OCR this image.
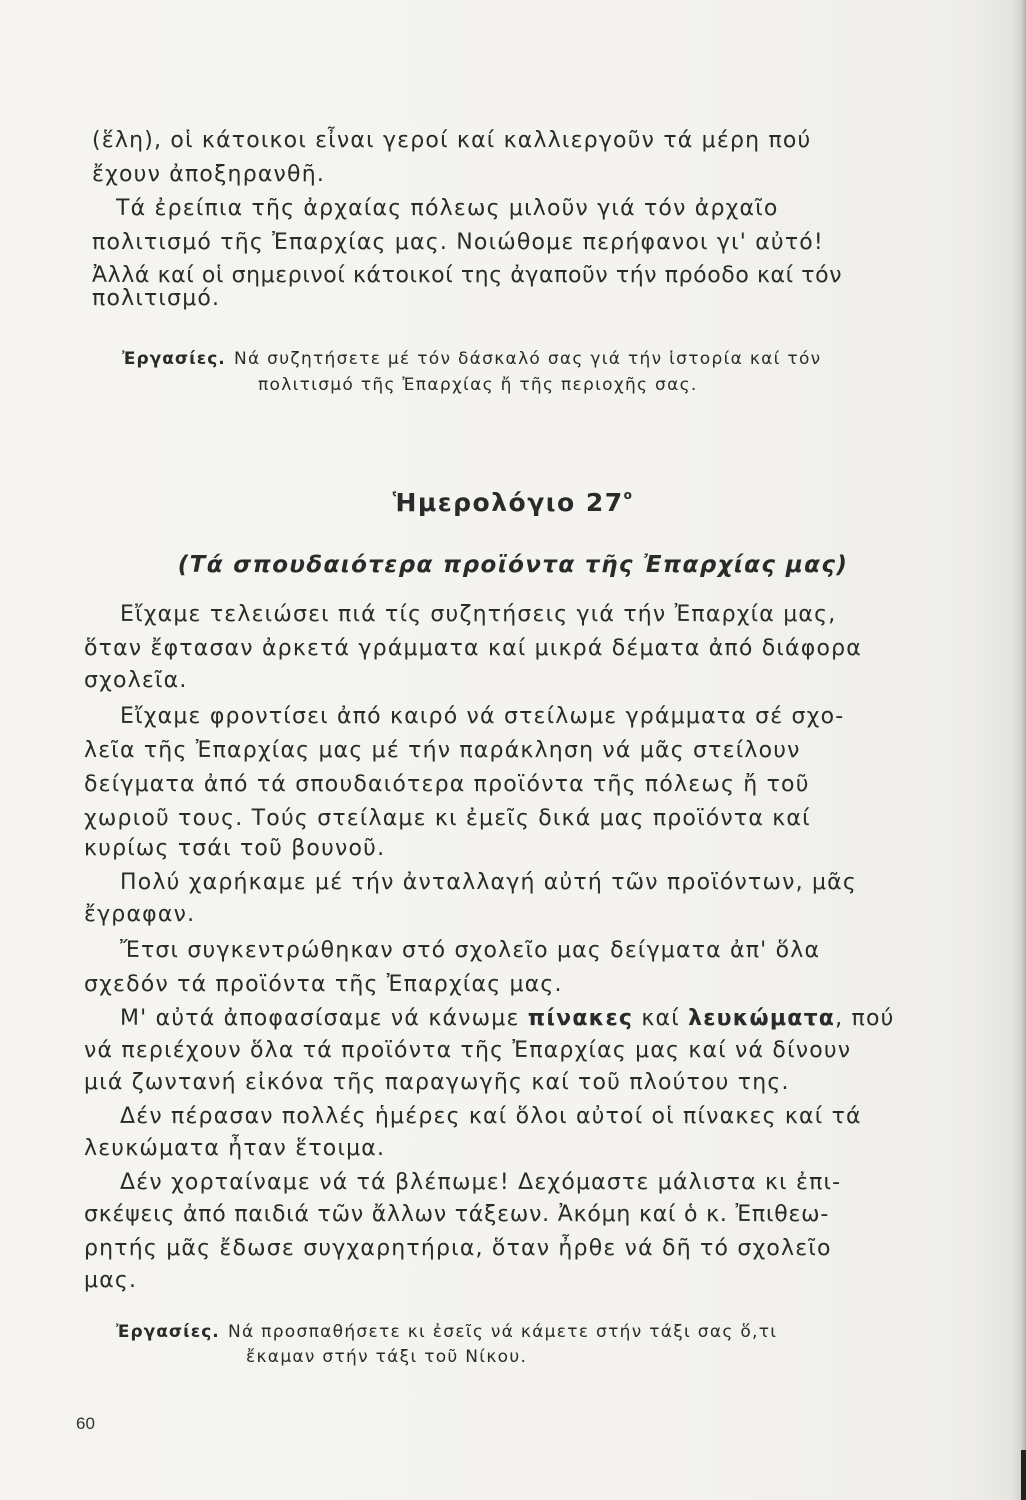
(ἕλη), οἱ κάτοικοι εἶναι γεροί καί καλλιεργοῦν τά μέρη πού
ἔχουν ἀποξηρανθῆ.
Τά ἐρείπια τῆς ἀρχαίας πόλεως μιλοῦν γιά τόν ἀρχαῖο
πολιτισμό τῆς Ἐπαρχίας μας. Νοιώθομε περήφανοι γι' αὐτό!
Ἀλλά καί οἱ σημερινοί κάτοικοί της ἀγαποῦν τήν πρόοδο καί τόν
πολιτισμό.
Ἐργασίες. Νά συζητήσετε μέ τόν δάσκαλό σας γιά τήν ἱστορία καί τόν
πολιτισμό τῆς Ἐπαρχίας ἤ τῆς περιοχῆς σας.
Ἡμερολόγιο $27^o$
(Τά σπουδαιότερα προϊόντα τῆς Ἐπαρχίας μας)
Εἴχαμε τελειώσει πιά τίς συζητήσεις γιά τήν Ἐπαρχία μας,
ὅταν ἔφτασαν ἀρκετά γράμματα καί μικρά δέματα ἀπό διάφορα
σχολεῖα.
Εἴχαμε φροντίσει ἀπό καιρό νά στείλωμε γράμματα σέ σχο-
λεῖα τῆς Ἐπαρχίας μας μέ τήν παράκληση νά μᾶς στείλουν
δείγματα ἀπό τά σπουδαιότερα προϊόντα τῆς πόλεως ἤ τοῦ
χωριοῦ τους. Τούς στείλαμε κι ἐμεῖς δικά μας προϊόντα καί
κυρίως τσάι τοῦ βουνοῦ.
Πολύ χαρήκαμε μέ τήν ἀνταλλαγή αὐτή τῶν προϊόντων, μᾶς
ἔγραφαν.
Ἔτσι συγκεντρώθηκαν στό σχολεῖο μας δείγματα ἀπ' ὅλα
σχεδόν τά προϊόντα τῆς Ἐπαρχίας μας.
Μ' αὐτά ἀποφασίσαμε νά κάνωμε πίνακες καί λευκώματα, πού
νά περιέχουν ὅλα τά προϊόντα τῆς Ἐπαρχίας μας καί νά δίνουν
μιά ζωντανή εἰκόνα τῆς παραγωγῆς καί τοῦ πλούτου της.
Δέν πέρασαν πολλές ἡμέρες καί ὅλοι αὐτοί οἱ πίνακες καί τά
λευκώματα ἦταν ἕτοιμα.
Δέν χορταίναμε νά τά βλέπωμε! Δεχόμαστε μάλιστα κι ἐπι-
σκέψεις ἀπό παιδιά τῶν ἄλλων τάξεων. Ἀκόμη καί ὁ κ. Ἐπιθεω-
ρητής μᾶς ἔδωσε συγχαρητήρια, ὅταν ἦρθε νά δῆ τό σχολεῖο
μας.
Ἐργασίες. Νά προσπαθήσετε κι ἐσεῖς νά κάμετε στήν τάξι σας ὅ,τι
ἔκαμαν στήν τάξι τοῦ Νίκου.
60
